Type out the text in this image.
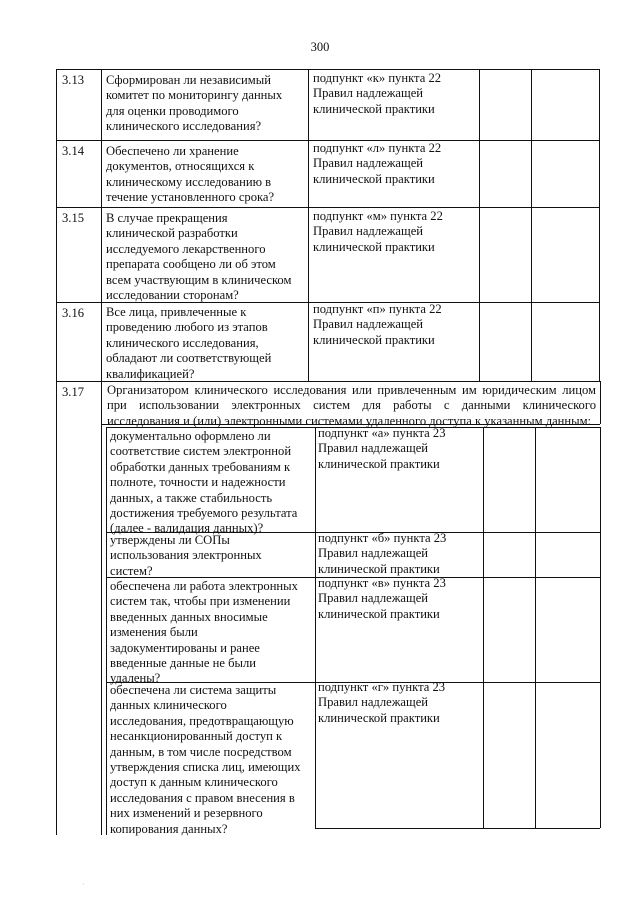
300
3.13 Сформирован ли независимый
комитет по мониторингу данных
для оценки проводимого
клинического исследования?
подпункт «к» пункта 22
Правил надлежащей
клинической практики
3.14 Обеспечено ли хранение
документов, относящихся к
клиническому исследованию в
течение установленного срока?
подпункт «л» пункта 22
Правил надлежащей
клинической практики
3.15 В случае прекращения
клинической разработки
исследуемого лекарственного
препарата сообщено ли об этом
всем участвующим в клиническом
исследовании сторонам?
подпункт «м» пункта 22
Правил надлежащей
клинической практики
3.16 Все лица, привлеченные к
проведению любого из этапов
клинического исследования,
обладают ли соответствующей
квалификацией?
подпункт «п» пункта 22
Правил надлежащей
клинической практики
3.17 Организатором клинического исследования или привлеченным им юридическим лицом
при использовании электронных систем для работы с данными клинического
исследования и (или) электронными системами удаленного доступа к указанным данным:
документально оформлено ли
соответствие систем электронной
обработки данных требованиям к
полноте, точности и надежности
данных, а также стабильность
достижения требуемого результата
(далее - валидация данных)?
подпункт «а» пункта 23
Правил надлежащей
клинической практики
утверждены ли СОПы
использования электронных
систем?
подпункт «б» пункта 23
Правил надлежащей
клинической практики
обеспечена ли работа электронных
систем так, чтобы при изменении
введенных данных вносимые
изменения были
задокументированы и ранее
введенные данные не были
удалены?
подпункт «в» пункта 23
Правил надлежащей
клинической практики
обеспечена ли система защиты
данных клинического
исследования, предотвращающую
несанкционированный доступ к
данным, в том числе посредством
утверждения списка лиц, имеющих
доступ к данным клинического
исследования с правом внесения в
них изменений и резервного
копирования данных?
подпункт «г» пункта 23
Правил надлежащей
клинической практики
·
